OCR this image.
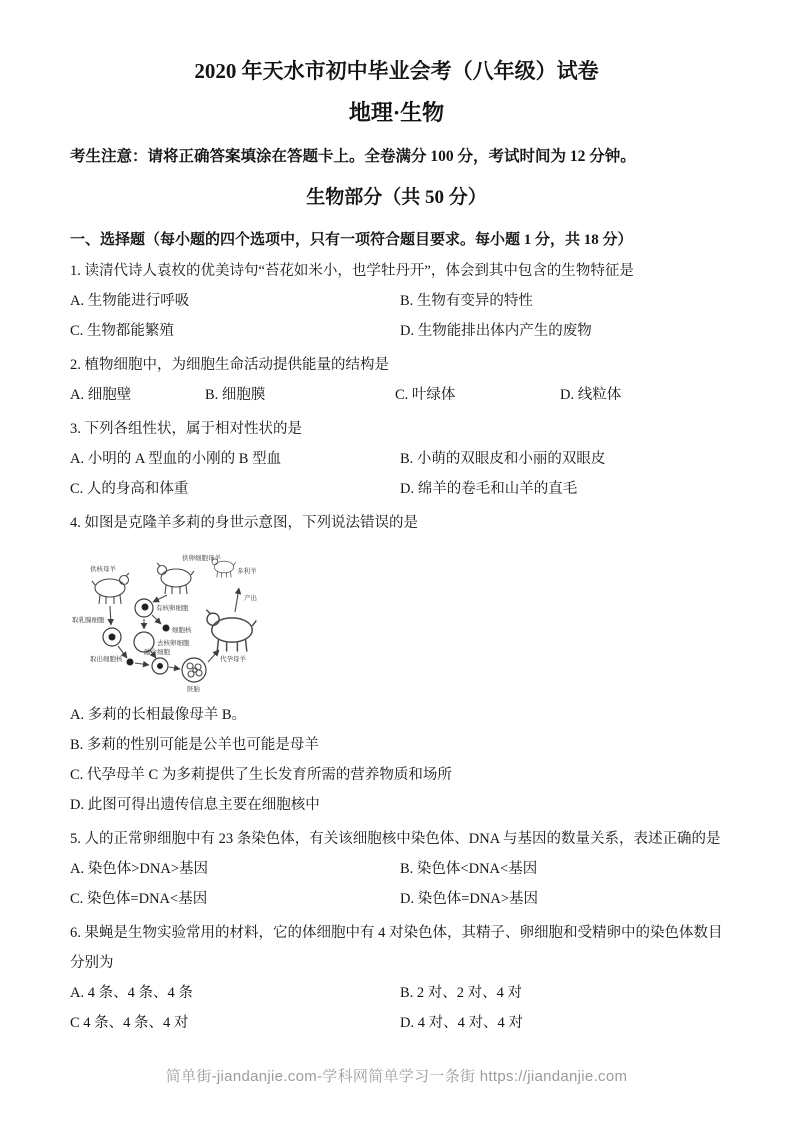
2020 年天水市初中毕业会考（八年级）试卷
地理·生物
考生注意：请将正确答案填涂在答题卡上。全卷满分 100 分，考试时间为 12 分钟。
生物部分（共 50 分）
一、选择题（每小题的四个选项中，只有一项符合题目要求。每小题 1 分，共 18 分）
1. 读清代诗人袁枚的优美诗句“苔花如米小，也学牡丹开”，体会到其中包含的生物特征是
A. 生物能进行呼吸	B. 生物有变异的特性
C. 生物都能繁殖	D. 生物能排出体内产生的废物
2. 植物细胞中，为细胞生命活动提供能量的结构是
A. 细胞壁	B. 细胞膜	C. 叶绿体	D. 线粒体
3. 下列各组性状，属于相对性状的是
A. 小明的 A 型血的小刚的 B 型血	B. 小萌的双眼皮和小丽的双眼皮
C. 人的身高和体重	D. 绵羊的卷毛和山羊的直毛
4. 如图是克隆羊多莉的身世示意图，下列说法错误的是
供核母羊
取乳腺细胞
取出细胞核
供卵细胞母羊
有核卵细胞
细胞核
去核卵细胞
融合细胞
胚胎
代孕母羊
产出
多利羊
A. 多莉的长相最像母羊 B。
B. 多莉的性别可能是公羊也可能是母羊
C. 代孕母羊 C 为多莉提供了生长发育所需的营养物质和场所
D. 此图可得出遗传信息主要在细胞核中
5. 人的正常卵细胞中有 23 条染色体，有关该细胞核中染色体、DNA 与基因的数量关系，表述正确的是
A. 染色体>DNA>基因	B. 染色体<DNA<基因
C. 染色体=DNA<基因	D. 染色体=DNA>基因
6. 果蝇是生物实验常用的材料，它的体细胞中有 4 对染色体，其精子、卵细胞和受精卵中的染色体数目分别为
A. 4 条、4 条、4 条	B. 2 对、2 对、4 对
C 4 条、4 条、4 对	D. 4 对、4 对、4 对
简单街-jiandanjie.com-学科网简单学习一条街 https://jiandanjie.com
